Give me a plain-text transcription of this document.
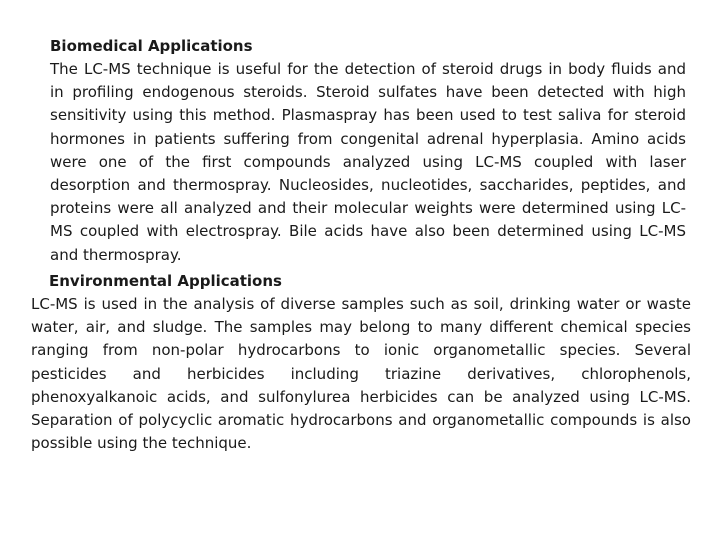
Biomedical Applications

The LC-MS technique is useful for the detection of steroid drugs in body fluids and in profiling endogenous steroids. Steroid sulfates have been detected with high sensitivity using this method. Plasmaspray has been used to test saliva for steroid hormones in patients suffering from congenital adrenal hyperplasia. Amino acids were one of the first compounds analyzed using LC-MS coupled with laser desorption and thermospray. Nucleosides, nucleotides, saccharides, peptides, and proteins were all analyzed and their molecular weights were determined using LC-MS coupled with electrospray. Bile acids have also been determined using LC-MS and thermospray.

Environmental Applications

LC-MS is used in the analysis of diverse samples such as soil, drinking water or waste water, air, and sludge. The samples may belong to many different chemical species ranging from non-polar hydrocarbons to ionic organometallic species. Several pesticides and herbicides including triazine derivatives, chlorophenols, phenoxyalkanoic acids, and sulfonylurea herbicides can be analyzed using LC-MS. Separation of polycyclic aromatic hydrocarbons and organometallic compounds is also possible using the technique.
